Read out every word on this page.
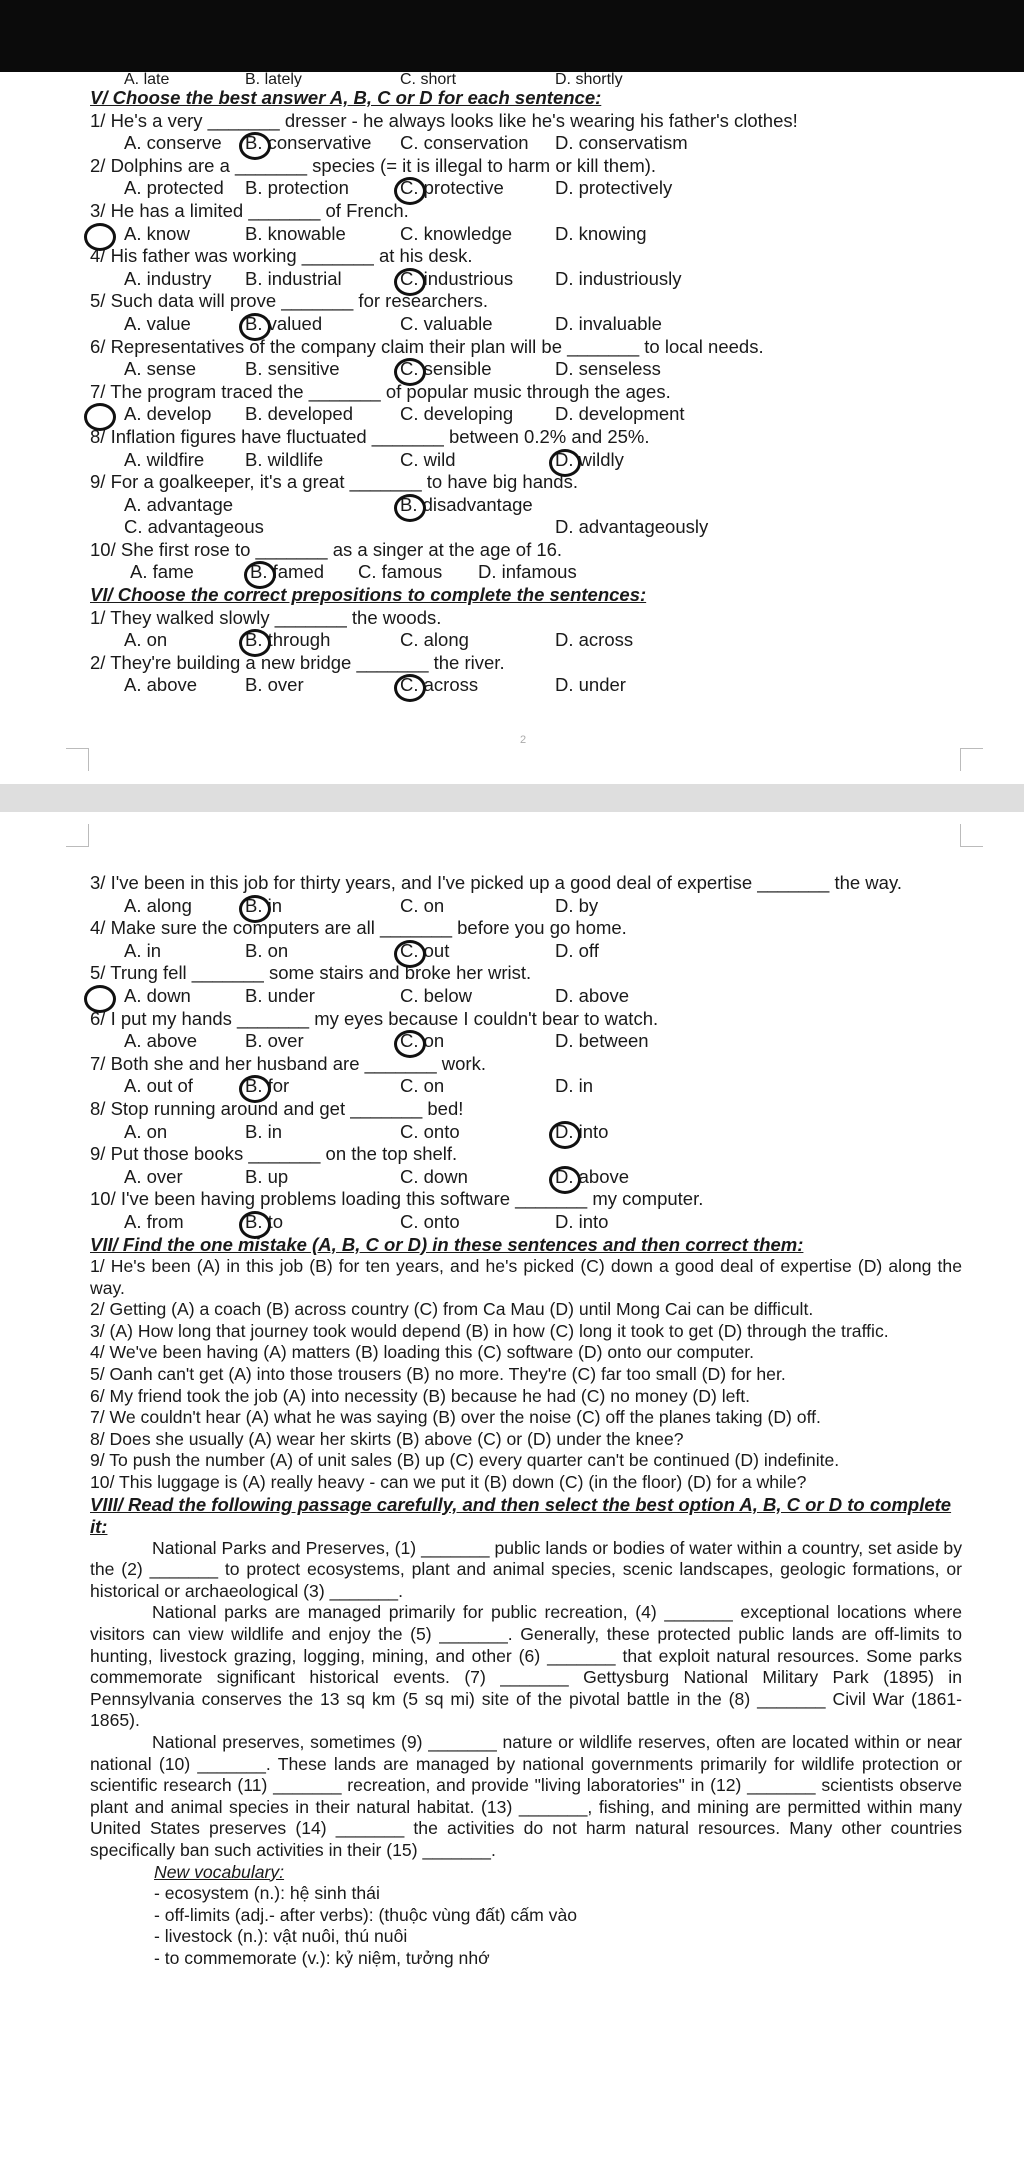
A. late	B. lately	C. short	D. shortly
V/ Choose the best answer A, B, C or D for each sentence:
1/ He's a very _______ dresser - he always looks like he's wearing his father's clothes!
A. conserve	B. conservative	C. conservation	D. conservatism
2/ Dolphins are a _______ species (= it is illegal to harm or kill them).
A. protected	B. protection	C. protective	D. protectively
3/ He has a limited _______ of French.
A. know	B. knowable	C. knowledge	D. knowing
4/ His father was working _______ at his desk.
A. industry	B. industrial	C. industrious	D. industriously
5/ Such data will prove _______ for researchers.
A. value	B. valued	C. valuable	D. invaluable
6/ Representatives of the company claim their plan will be _______ to local needs.
A. sense	B. sensitive	C. sensible	D. senseless
7/ The program traced the _______ of popular music through the ages.
A. develop	B. developed	C. developing	D. development
8/ Inflation figures have fluctuated _______ between 0.2% and 25%.
A. wildfire	B. wildlife	C. wild	D. wildly
9/ For a goalkeeper, it's a great _______ to have big hands.
A. advantage	B. disadvantage
C. advantageous	D. advantageously
10/ She first rose to _______ as a singer at the age of 16.
A. fame	B. famed	C. famous	D. infamous
VI/ Choose the correct prepositions to complete the sentences:
1/ They walked slowly _______ the woods.
A. on	B. through	C. along	D. across
2/ They're building a new bridge _______ the river.
A. above	B. over	C. across	D. under
2
3/ I've been in this job for thirty years, and I've picked up a good deal of expertise _______ the way.
A. along	B. in	C. on	D. by
4/ Make sure the computers are all _______ before you go home.
A. in	B. on	C. out	D. off
5/ Trung fell _______ some stairs and broke her wrist.
A. down	B. under	C. below	D. above
6/ I put my hands _______ my eyes because I couldn't bear to watch.
A. above	B. over	C. on	D. between
7/ Both she and her husband are _______ work.
A. out of	B. for	C. on	D. in
8/ Stop running around and get _______ bed!
A. on	B. in	C. onto	D. into
9/ Put those books _______ on the top shelf.
A. over	B. up	C. down	D. above
10/ I've been having problems loading this software _______ my computer.
A. from	B. to	C. onto	D. into
VII/ Find the one mistake (A, B, C or D) in these sentences and then correct them:
1/ He's been (A) in this job (B) for ten years, and he's picked (C) down a good deal of expertise (D) along the way.
2/ Getting (A) a coach (B) across country (C) from Ca Mau (D) until Mong Cai can be difficult.
3/ (A) How long that journey took would depend (B) in how (C) long it took to get (D) through the traffic.
4/ We've been having (A) matters (B) loading this (C) software (D) onto our computer.
5/ Oanh can't get (A) into those trousers (B) no more. They're (C) far too small (D) for her.
6/ My friend took the job (A) into necessity (B) because he had (C) no money (D) left.
7/ We couldn't hear (A) what he was saying (B) over the noise (C) off the planes taking (D) off.
8/ Does she usually (A) wear her skirts (B) above (C) or (D) under the knee?
9/ To push the number (A) of unit sales (B) up (C) every quarter can't be continued (D) indefinite.
10/ This luggage is (A) really heavy - can we put it (B) down (C) (in the floor) (D) for a while?
VIII/ Read the following passage carefully, and then select the best option A, B, C or D to complete it:
National Parks and Preserves, (1) _______ public lands or bodies of water within a country, set aside by the (2) _______ to protect ecosystems, plant and animal species, scenic landscapes, geologic formations, or historical or archaeological (3) _______.
National parks are managed primarily for public recreation, (4) _______ exceptional locations where visitors can view wildlife and enjoy the (5) _______. Generally, these protected public lands are off-limits to hunting, livestock grazing, logging, mining, and other (6) _______ that exploit natural resources. Some parks commemorate significant historical events. (7) _______ Gettysburg National Military Park (1895) in Pennsylvania conserves the 13 sq km (5 sq mi) site of the pivotal battle in the (8) _______ Civil War (1861-1865).
National preserves, sometimes (9) _______ nature or wildlife reserves, often are located within or near national (10) _______. These lands are managed by national governments primarily for wildlife protection or scientific research (11) _______ recreation, and provide "living laboratories" in (12) _______ scientists observe plant and animal species in their natural habitat. (13) _______, fishing, and mining are permitted within many United States preserves (14) _______ the activities do not harm natural resources. Many other countries specifically ban such activities in their (15) _______.
New vocabulary:
- ecosystem (n.): hệ sinh thái
- off-limits (adj.- after verbs): (thuộc vùng đất) cấm vào
- livestock (n.): vật nuôi, thú nuôi
- to commemorate (v.): kỷ niệm, tưởng nhớ
